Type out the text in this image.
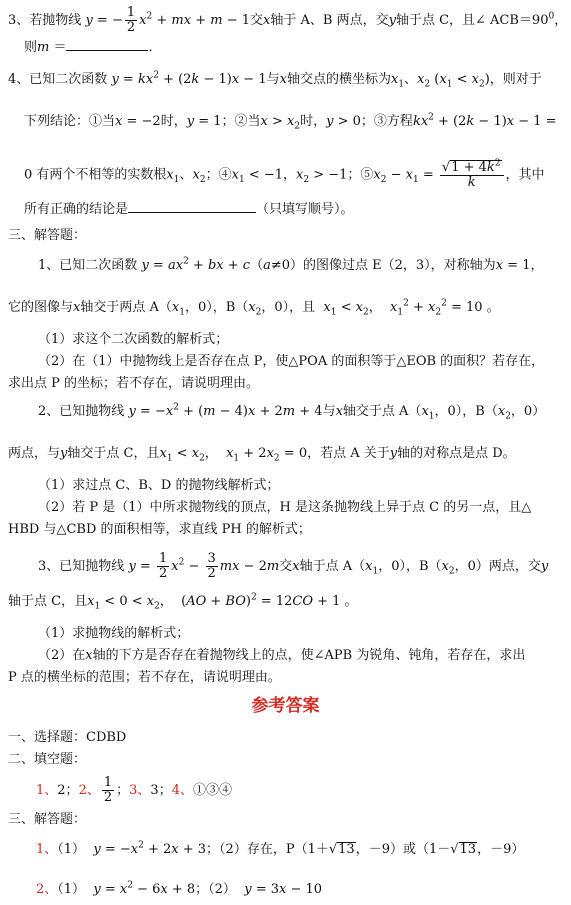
3、若抛物线 y = − $\frac{1}{2} x^2$ + mx + m − 1交x轴于 A、B 两点，交y轴于点 C，且∠ $ACB=90^0$，
则m ＝	．
4、已知二次函数 $y = kx^2 + (2k - 1)x - 1$与x轴交点的横坐标为$x_1$、$x_2$ $(x_1 < x_2)$，则对于
下列结论：①当x = −2时，y = 1；②当$x > x_2$时，y > 0；③方程$kx^2 + (2k - 1)x - 1$ =
0 有两个不相等的实数根$x_1$、$x_2$；$④x_1 < -1$，$x_2 > -1$；$⑤x_2 - x_1 = \frac{√1 + 4k^2}{k}$ ，其中
所有正确的结论是	（只填写顺号）。
三、解答题：
1、已知二次函数 $y = ax^2$ + bx + c（a≠0）的图像过点 E（2，3），对称轴为x = 1，
它的图像与x轴交于两点 $A(x_1$，0），$B(x_2$，0），且 $x_1 < x_2$，  $x_1^2 + x_2^2 = 10$ 。
（1）求这个二次函数的解析式；
（2）在（1）中抛物线上是否存在点 P，使△POA 的面积等于△EOB 的面积？若存在，
求出点 P 的坐标；若不存在，请说明理由。
2、已知抛物线 $y = -x^2 + (m - 4)x + 2m + 4$与x轴交于点 $A(x_1$，0），$B(x_2$，0）
两点，与y轴交于点 C，且$x_1 < x_2$，  $x_1 + 2x_2 = 0$，若点 A 关于y轴的对称点是点 D。
（1）求过点 C、B、D 的抛物线解析式；
（2）若 P 是（1）中所求抛物线的顶点，H 是这条抛物线上异于点 C 的另一点，且△
HBD 与△CBD 的面积相等，求直线 PH 的解析式；
3、已知抛物线 $y = \frac{1}{2} x^2 - \frac{3}{2}$ mx − 2m交x轴于点 $A(x_1$，0），$B(x_2$，0）两点，交y
轴于点 C，且$x_1 < 0 < x_2$，  (AO + BO)$^2$ = 12CO + 1 。
（1）求抛物线的解析式；
（2）在x轴的下方是否存在着抛物线上的点，使∠APB 为锐角、钝角，若存在，求出
P 点的横坐标的范围；若不存在，请说明理由。
参考答案
一、选择题：CDBD
二、填空题：
1、2；2、 $\frac{1}{2}$ ；3、3；4、①③④
三、解答题：
1、（1） $y = -x^2 + 2x + 3$；（2）存在，P（1＋√13，－9）或（1－√13，－9）
2、（1） $y = x^2 - 6x + 8$；（2） y = 3x − 10
